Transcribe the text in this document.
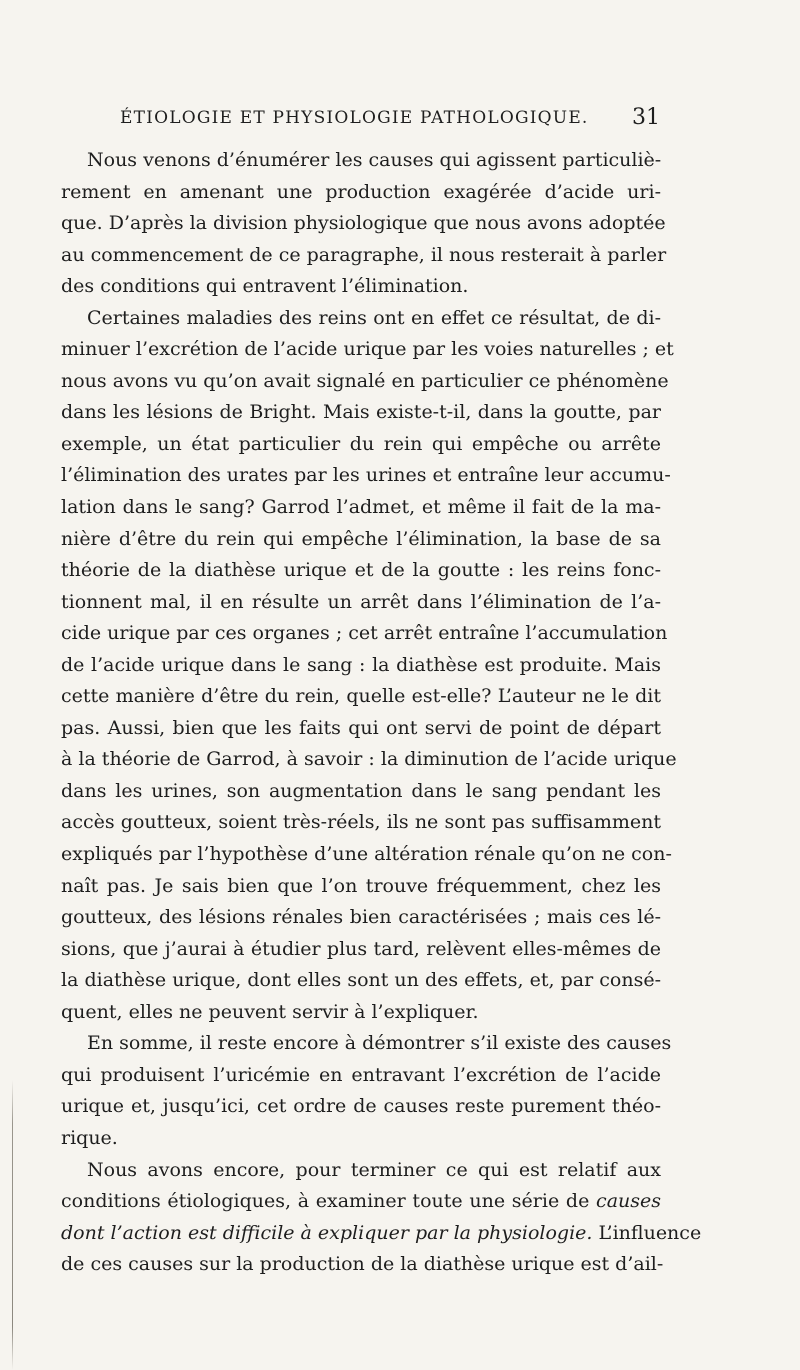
ÉTIOLOGIE ET PHYSIOLOGIE PATHOLOGIQUE. 31
Nous venons d’énumérer les causes qui agissent particuliè-
rement en amenant une production exagérée d’acide uri-
que. D’après la division physiologique que nous avons adoptée
au commencement de ce paragraphe, il nous resterait à parler
des conditions qui entravent l’élimination.
Certaines maladies des reins ont en effet ce résultat, de di-
minuer l’excrétion de l’acide urique par les voies naturelles ; et
nous avons vu qu’on avait signalé en particulier ce phénomène
dans les lésions de Bright. Mais existe-t-il, dans la goutte, par
exemple, un état particulier du rein qui empêche ou arrête
l’élimination des urates par les urines et entraîne leur accumu-
lation dans le sang? Garrod l’admet, et même il fait de la ma-
nière d’être du rein qui empêche l’élimination, la base de sa
théorie de la diathèse urique et de la goutte : les reins fonc-
tionnent mal, il en résulte un arrêt dans l’élimination de l’a-
cide urique par ces organes ; cet arrêt entraîne l’accumulation
de l’acide urique dans le sang : la diathèse est produite. Mais
cette manière d’être du rein, quelle est-elle? L’auteur ne le dit
pas. Aussi, bien que les faits qui ont servi de point de départ
à la théorie de Garrod, à savoir : la diminution de l’acide urique
dans les urines, son augmentation dans le sang pendant les
accès goutteux, soient très-réels, ils ne sont pas suffisamment
expliqués par l’hypothèse d’une altération rénale qu’on ne con-
naît pas. Je sais bien que l’on trouve fréquemment, chez les
goutteux, des lésions rénales bien caractérisées ; mais ces lé-
sions, que j’aurai à étudier plus tard, relèvent elles-mêmes de
la diathèse urique, dont elles sont un des effets, et, par consé-
quent, elles ne peuvent servir à l’expliquer.
En somme, il reste encore à démontrer s’il existe des causes
qui produisent l’uricémie en entravant l’excrétion de l’acide
urique et, jusqu’ici, cet ordre de causes reste purement théo-
rique.
Nous avons encore, pour terminer ce qui est relatif aux
conditions étiologiques, à examiner toute une série de causes
dont l’action est difficile à expliquer par la physiologie. L’influence
de ces causes sur la production de la diathèse urique est d’ail-
